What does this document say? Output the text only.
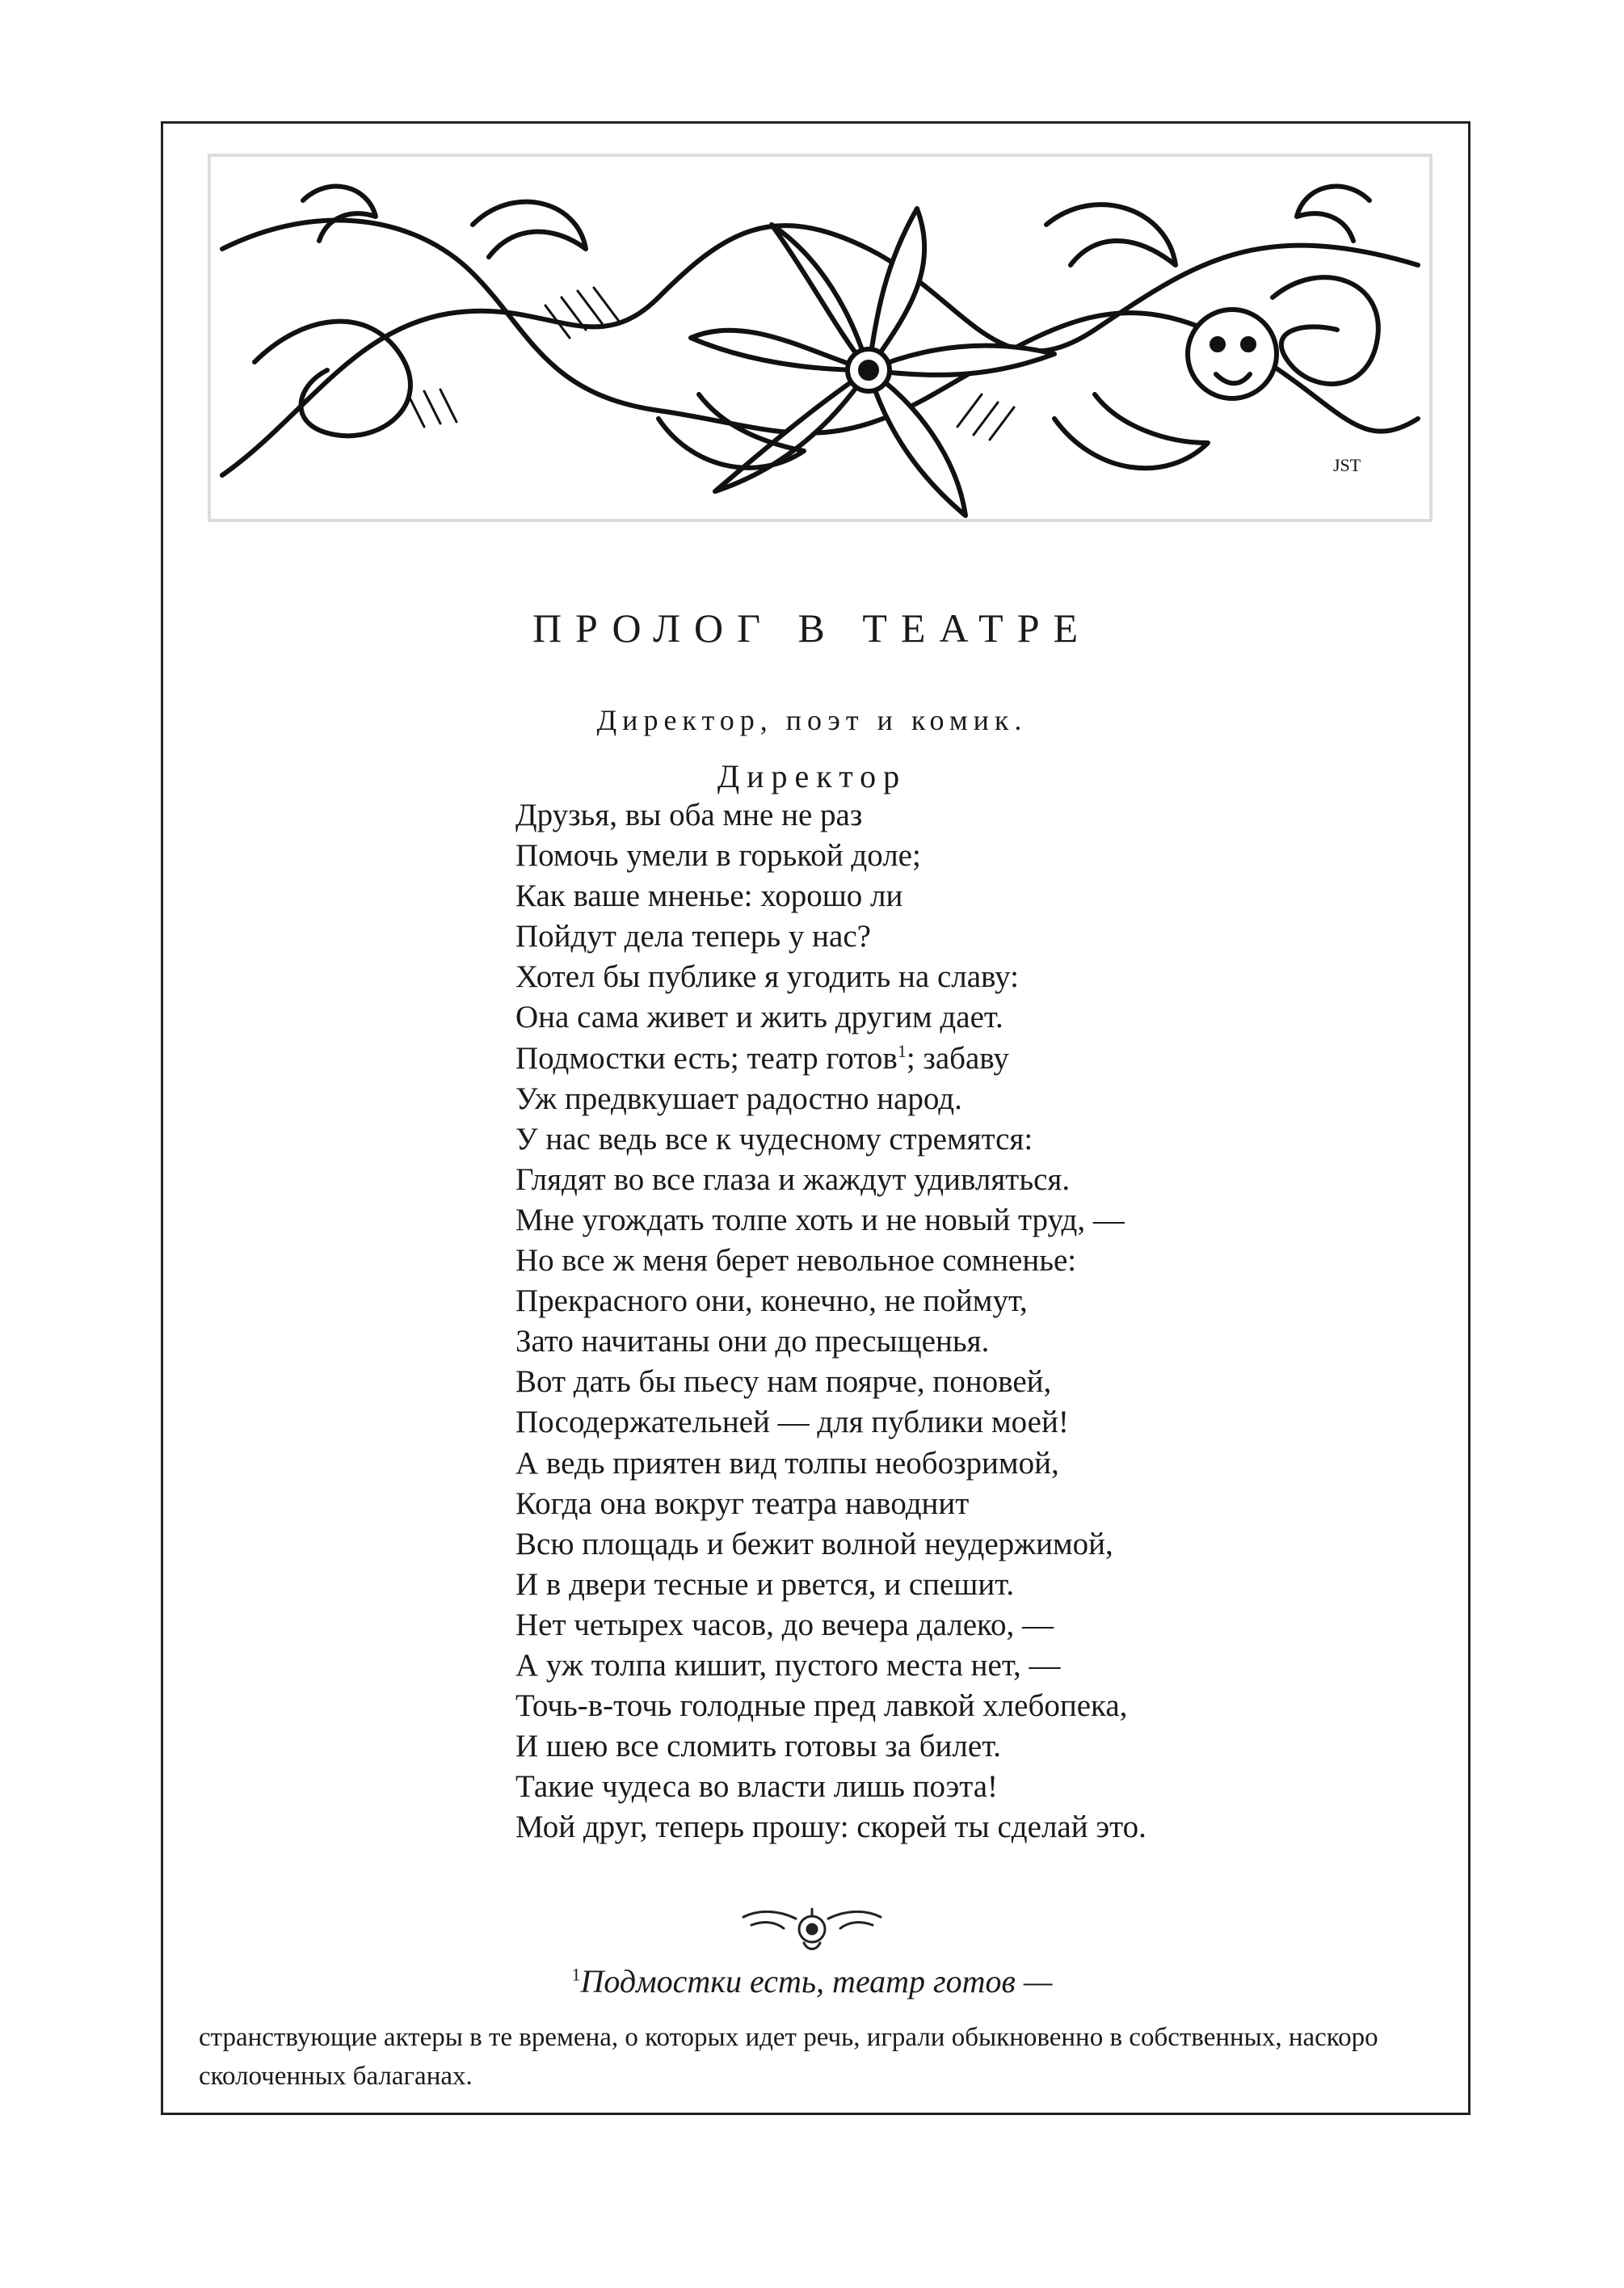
JST
ПРОЛОГ В ТЕАТРЕ
Директор, поэт и комик.
Директор
Друзья, вы оба мне не раз
Помочь умели в горькой доле;
Как ваше мненье: хорошо ли
Пойдут дела теперь у нас?
Хотел бы публике я угодить на славу:
Она сама живет и жить другим дает.
Подмостки есть; театр готов$^1$; забаву
Уж предвкушает радостно народ.
У нас ведь все к чудесному стремятся:
Глядят во все глаза и жаждут удивляться.
Мне угождать толпе хоть и не новый труд, —
Но все ж меня берет невольное сомненье:
Прекрасного они, конечно, не поймут,
Зато начитаны они до пресыщенья.
Вот дать бы пьесу нам поярче, поновей,
Посодержательней — для публики моей!
А ведь приятен вид толпы необозримой,
Когда она вокруг театра наводнит
Всю площадь и бежит волной неудержимой,
И в двери тесные и рвется, и спешит.
Нет четырех часов, до вечера далеко, —
А уж толпа кишит, пустого места нет, —
Точь-в-точь голодные пред лавкой хлебопека,
И шею все сломить готовы за билет.
Такие чудеса во власти лишь поэта!
Мой друг, теперь прошу: скорей ты сделай это.
$^1$Подмостки есть, театр готов —
странствующие актеры в те времена, о которых идет речь, играли обыкновенно в собственных, наскоро сколоченных балаганах.
